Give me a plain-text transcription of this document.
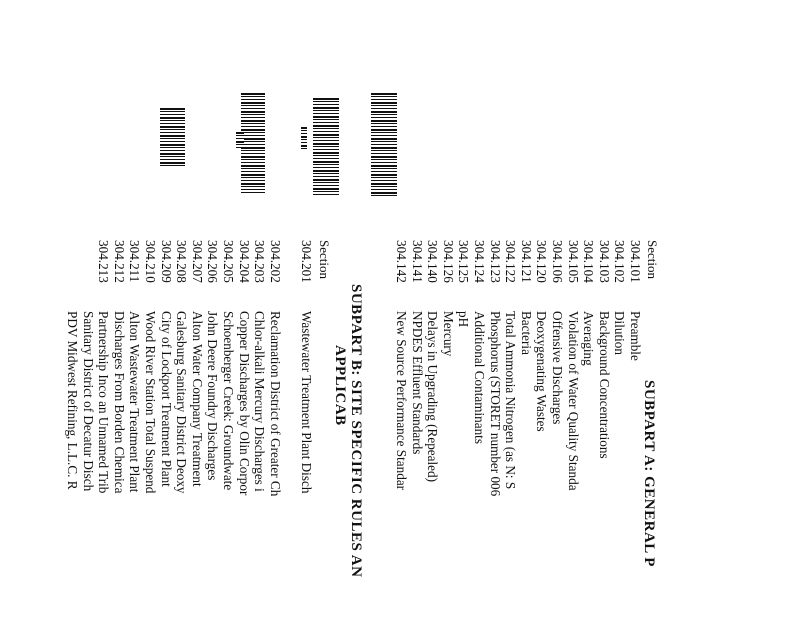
SUBPART A: GENERAL P
Section
304.101
Preamble
304.102
Dilution
304.103
Background Concentrations
304.104
Averaging
304.105
Violation of Water Quality Standa
304.106
Offensive Discharges
304.120
Deoxygenating Wastes
304.121
Bacteria
304.122
Total Ammonia Nitrogen (as N: S
304.123
Phosphorus (STORET number 006
304.124
Additional Contaminants
304.125
pH
304.126
Mercury
304.140
Delays in Upgrading (Repealed)
304.141
NPDES Effluent Standards
304.142
New Source Performance Standar
SUBPART B: SITE SPECIFIC RULES AN
APPLICAB
Section
304.201
Wastewater Treatment Plant Disch
304.202
Reclamation District of Greater Ch
304.203
Chlor-alkali Mercury Discharges i
304.204
Copper Discharges by Olin Corpor
304.205
Schoenberger Creek: Groundwate
304.206
John Deere Foundry Discharges
304.207
Alton Water Company Treatment
304.208
Galesburg Sanitary District Deoxy
304.209
City of Lockport Treatment Plant
304.210
Wood River Station Total Suspend
304.211
Alton Wastewater Treatment Plant
304.212
Discharges From Borden Chemica
304.213
Partnership Inco an Unnamed Trib
Sanitary District of Decatur Disch
PDV Midwest Refining, L.L.C. R
